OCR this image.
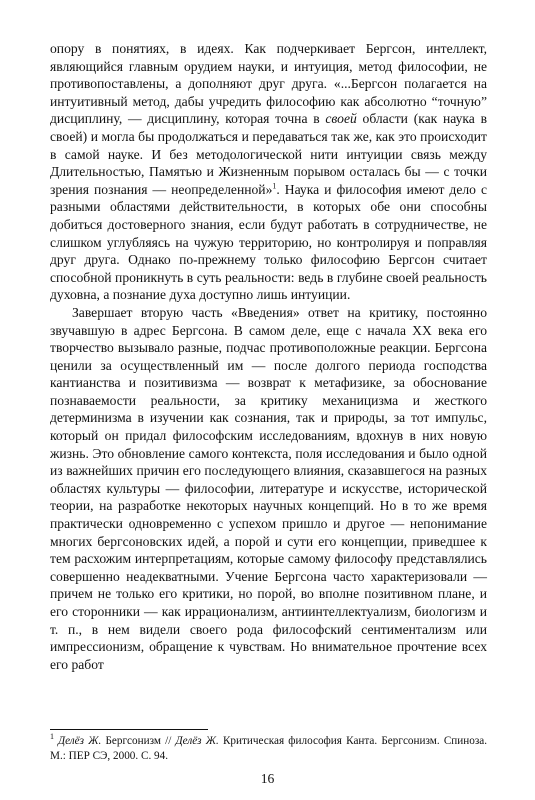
опору в понятиях, в идеях. Как подчеркивает Бергсон, интеллект, являющийся главным орудием науки, и интуиция, метод философии, не противопоставлены, а дополняют друг друга. «...Бергсон полагается на интуитивный метод, дабы учредить философию как абсолютно “точную” дисциплину, — дисциплину, которая точна в своей области (как наука в своей) и могла бы продолжаться и передаваться так же, как это происходит в самой науке. И без методологической нити интуиции связь между Длительностью, Памятью и Жизненным порывом осталась бы — с точки зрения познания — неопределенной»$^1$. Наука и философия имеют дело с разными областями действительности, в которых обе они способны добиться достоверного знания, если будут работать в сотрудничестве, не слишком углубляясь на чужую территорию, но контролируя и поправляя друг друга. Однако по-прежнему только философию Бергсон считает способной проникнуть в суть реальности: ведь в глубине своей реальность духовна, а познание духа доступно лишь интуиции.

Завершает вторую часть «Введения» ответ на критику, постоянно звучавшую в адрес Бергсона. В самом деле, еще с начала XX века его творчество вызывало разные, подчас противоположные реакции. Бергсона ценили за осуществленный им — после долгого периода господства кантианства и позитивизма — возврат к метафизике, за обоснование познаваемости реальности, за критику механицизма и жесткого детерминизма в изучении как сознания, так и природы, за тот импульс, который он придал философским исследованиям, вдохнув в них новую жизнь. Это обновление самого контекста, поля исследования и было одной из важнейших причин его последующего влияния, сказавшегося на разных областях культуры — философии, литературе и искусстве, исторической теории, на разработке некоторых научных концепций. Но в то же время практически одновременно с успехом пришло и другое — непонимание многих бергсоновских идей, а порой и сути его концепции, приведшее к тем расхожим интерпретациям, которые самому философу представлялись совершенно неадекватными. Учение Бергсона часто характеризовали — причем не только его критики, но порой, во вполне позитивном плане, и его сторонники — как иррационализм, антиинтеллектуализм, биологизм и т. п., в нем видели своего рода философский сентиментализм или импрессионизм, обращение к чувствам. Но внимательное прочтение всех его работ

$^1$ Делёз Ж. Бергсонизм // Делёз Ж. Критическая философия Канта. Бергсонизм. Спиноза. М.: ПЕР СЭ, 2000. С. 94.
16
